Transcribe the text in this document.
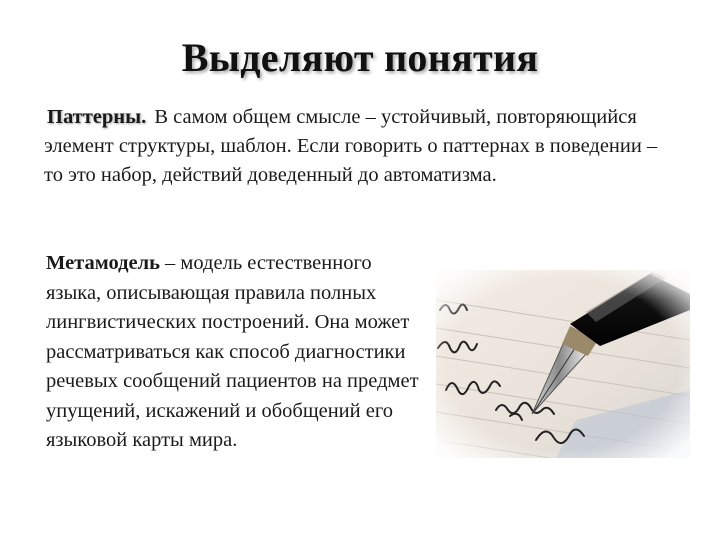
Выделяют понятия
Паттерны. В самом общем смысле – устойчивый, повторяющийся элемент структуры, шаблон. Если говорить о паттернах в поведении – то это набор, действий доведенный до автоматизма.
Метамодель – модель естественного языка, описывающая правила полных лингвистических построений. Она может рассматриваться как способ диагностики речевых сообщений пациентов на предмет упущений, искажений и обобщений его языковой карты мира.
